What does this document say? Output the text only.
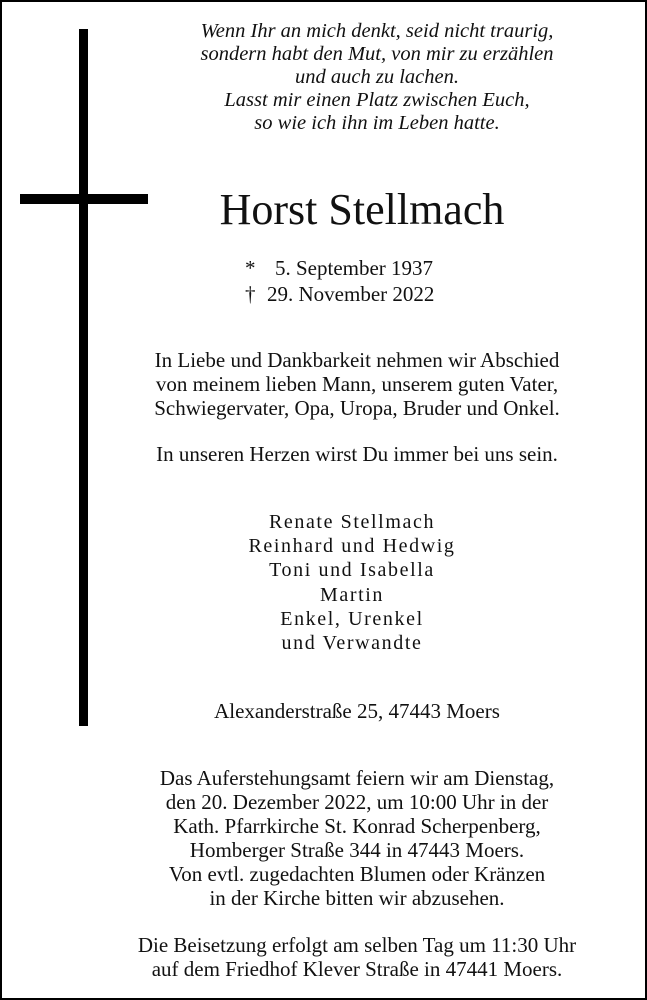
Wenn Ihr an mich denkt, seid nicht traurig,
sondern habt den Mut, von mir zu erzählen
und auch zu lachen.
Lasst mir einen Platz zwischen Euch,
so wie ich ihn im Leben hatte.
Horst Stellmach
* 5. September 1937
† 29. November 2022
In Liebe und Dankbarkeit nehmen wir Abschied
von meinem lieben Mann, unserem guten Vater,
Schwiegervater, Opa, Uropa, Bruder und Onkel.
In unseren Herzen wirst Du immer bei uns sein.
Renate Stellmach
Reinhard und Hedwig
Toni und Isabella
Martin
Enkel, Urenkel
und Verwandte
Alexanderstraße 25, 47443 Moers
Das Auferstehungsamt feiern wir am Dienstag,
den 20. Dezember 2022, um 10:00 Uhr in der
Kath. Pfarrkirche St. Konrad Scherpenberg,
Homberger Straße 344 in 47443 Moers.
Von evtl. zugedachten Blumen oder Kränzen
in der Kirche bitten wir abzusehen.
Die Beisetzung erfolgt am selben Tag um 11:30 Uhr
auf dem Friedhof Klever Straße in 47441 Moers.
